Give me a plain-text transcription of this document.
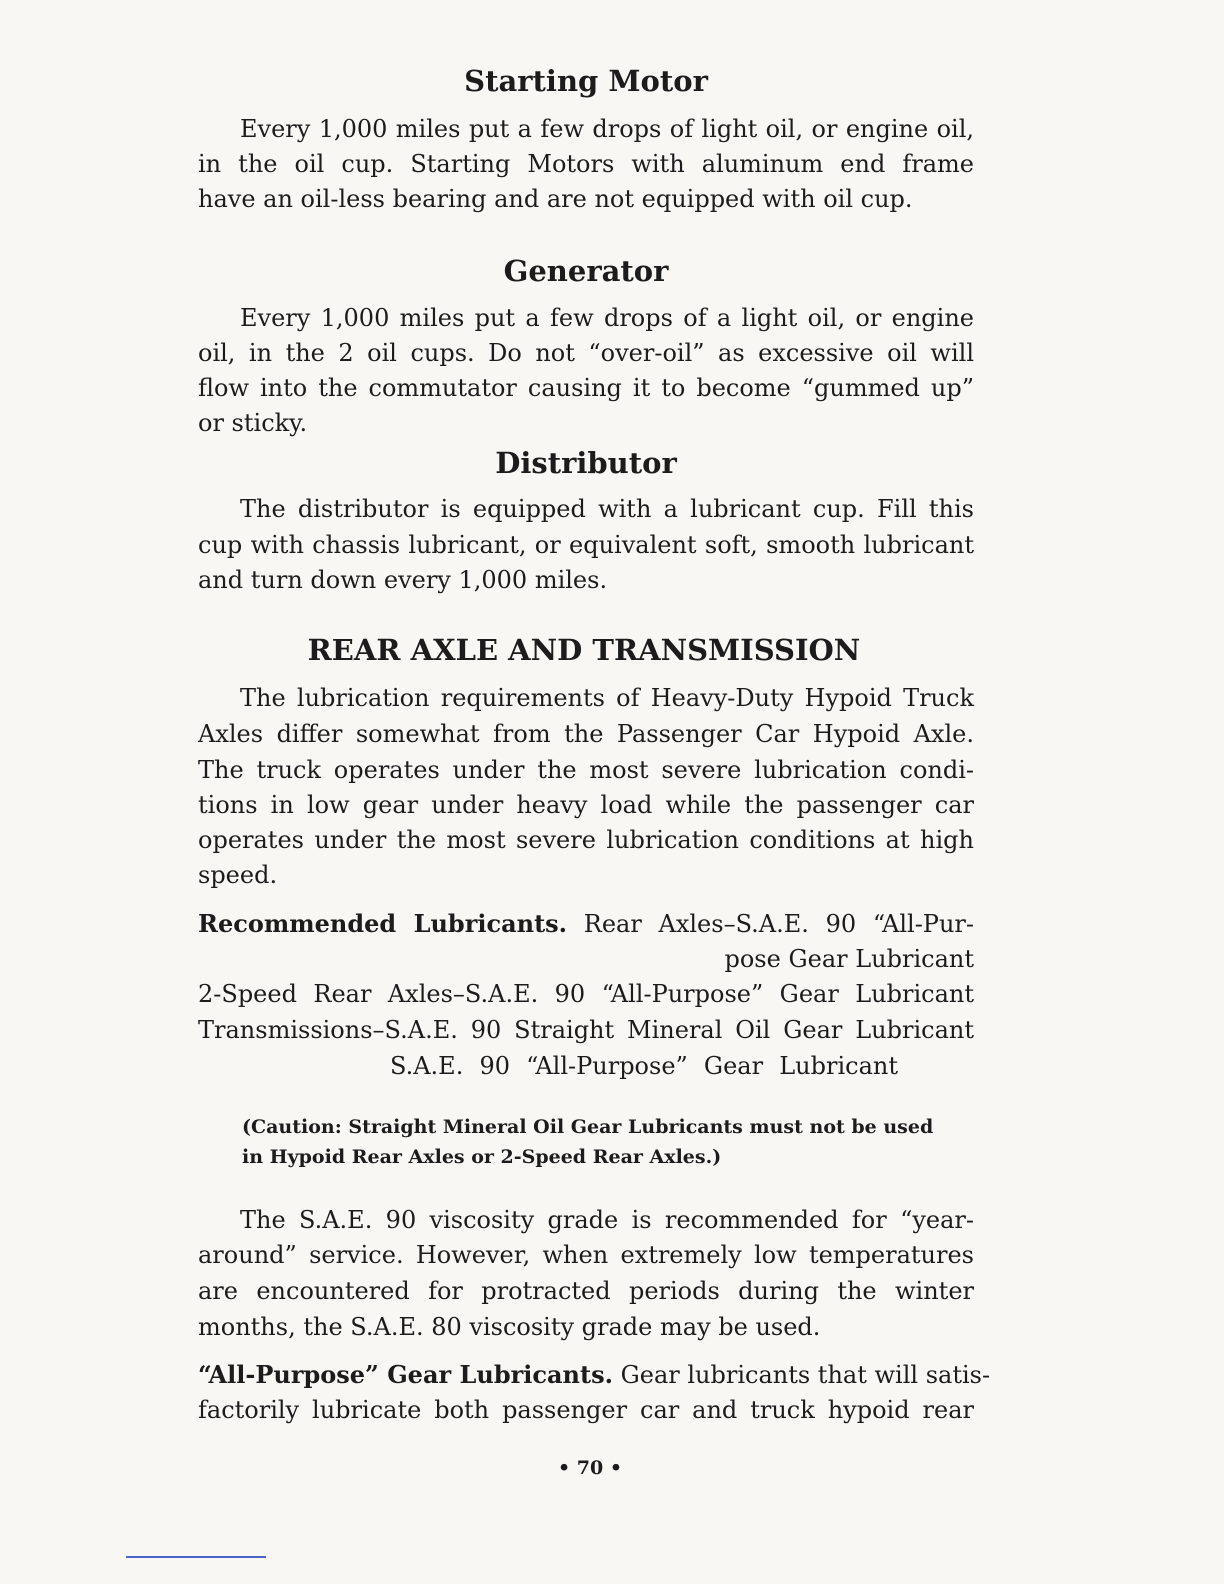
Starting Motor
Every 1,000 miles put a few drops of light oil, or engine oil,
in the oil cup. Starting Motors with aluminum end frame
have an oil-less bearing and are not equipped with oil cup.
Generator
Every 1,000 miles put a few drops of a light oil, or engine
oil, in the 2 oil cups. Do not “over-oil” as excessive oil will
flow into the commutator causing it to become “gummed up”
or sticky.
Distributor
The distributor is equipped with a lubricant cup. Fill this
cup with chassis lubricant, or equivalent soft, smooth lubricant
and turn down every 1,000 miles.
REAR AXLE AND TRANSMISSION
The lubrication requirements of Heavy-Duty Hypoid Truck
Axles differ somewhat from the Passenger Car Hypoid Axle.
The truck operates under the most severe lubrication condi-
tions in low gear under heavy load while the passenger car
operates under the most severe lubrication conditions at high
speed.
Recommended Lubricants. Rear Axles–S.A.E. 90 “All-Pur-
pose Gear Lubricant
2-Speed Rear Axles–S.A.E. 90 “All-Purpose” Gear Lubricant
Transmissions–S.A.E. 90 Straight Mineral Oil Gear Lubricant
S.A.E. 90 “All-Purpose” Gear Lubricant
(Caution: Straight Mineral Oil Gear Lubricants must not be used
in Hypoid Rear Axles or 2-Speed Rear Axles.)
The S.A.E. 90 viscosity grade is recommended for “year-
around” service. However, when extremely low temperatures
are encountered for protracted periods during the winter
months, the S.A.E. 80 viscosity grade may be used.
“All-Purpose” Gear Lubricants. Gear lubricants that will satis-
factorily lubricate both passenger car and truck hypoid rear
• 70 •
